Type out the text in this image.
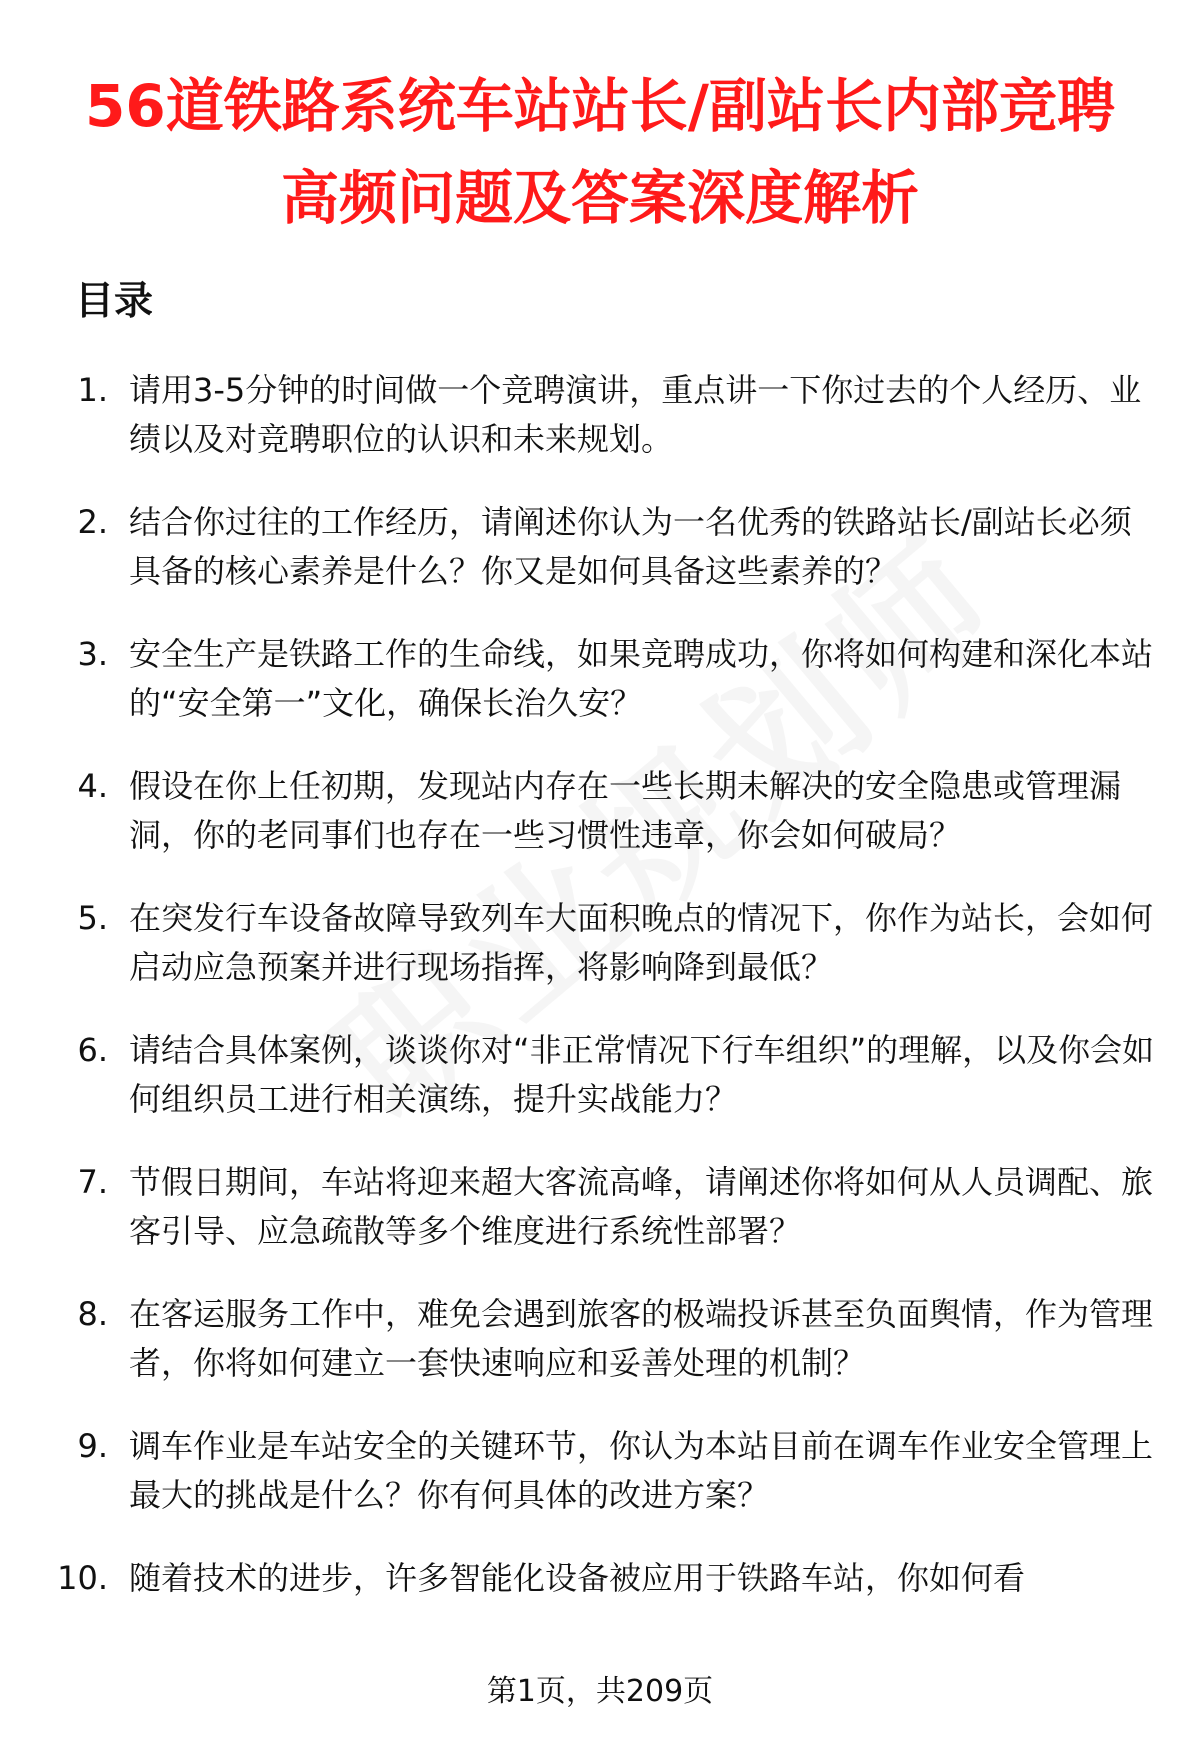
56道铁路系统车站站长/副站长内部竞聘高频问题及答案深度解析
目录
1. 请用3-5分钟的时间做一个竞聘演讲，重点讲一下你过去的个人经历、业绩以及对竞聘职位的认识和未来规划。
2. 结合你过往的工作经历，请阐述你认为一名优秀的铁路站长/副站长必须具备的核心素养是什么？你又是如何具备这些素养的？
3. 安全生产是铁路工作的生命线，如果竞聘成功，你将如何构建和深化本站的“安全第一”文化，确保长治久安？
4. 假设在你上任初期，发现站内存在一些长期未解决的安全隐患或管理漏洞，你的老同事们也存在一些习惯性违章，你会如何破局？
5. 在突发行车设备故障导致列车大面积晚点的情况下，你作为站长，会如何启动应急预案并进行现场指挥，将影响降到最低？
6. 请结合具体案例，谈谈你对“非正常情况下行车组织”的理解，以及你会如何组织员工进行相关演练，提升实战能力？
7. 节假日期间，车站将迎来超大客流高峰，请阐述你将如何从人员调配、旅客引导、应急疏散等多个维度进行系统性部署？
8. 在客运服务工作中，难免会遇到旅客的极端投诉甚至负面舆情，作为管理者，你将如何建立一套快速响应和妥善处理的机制？
9. 调车作业是车站安全的关键环节，你认为本站目前在调车作业安全管理上最大的挑战是什么？你有何具体的改进方案？
10. 随着技术的进步，许多智能化设备被应用于铁路车站，你如何看
第1页，共209页
